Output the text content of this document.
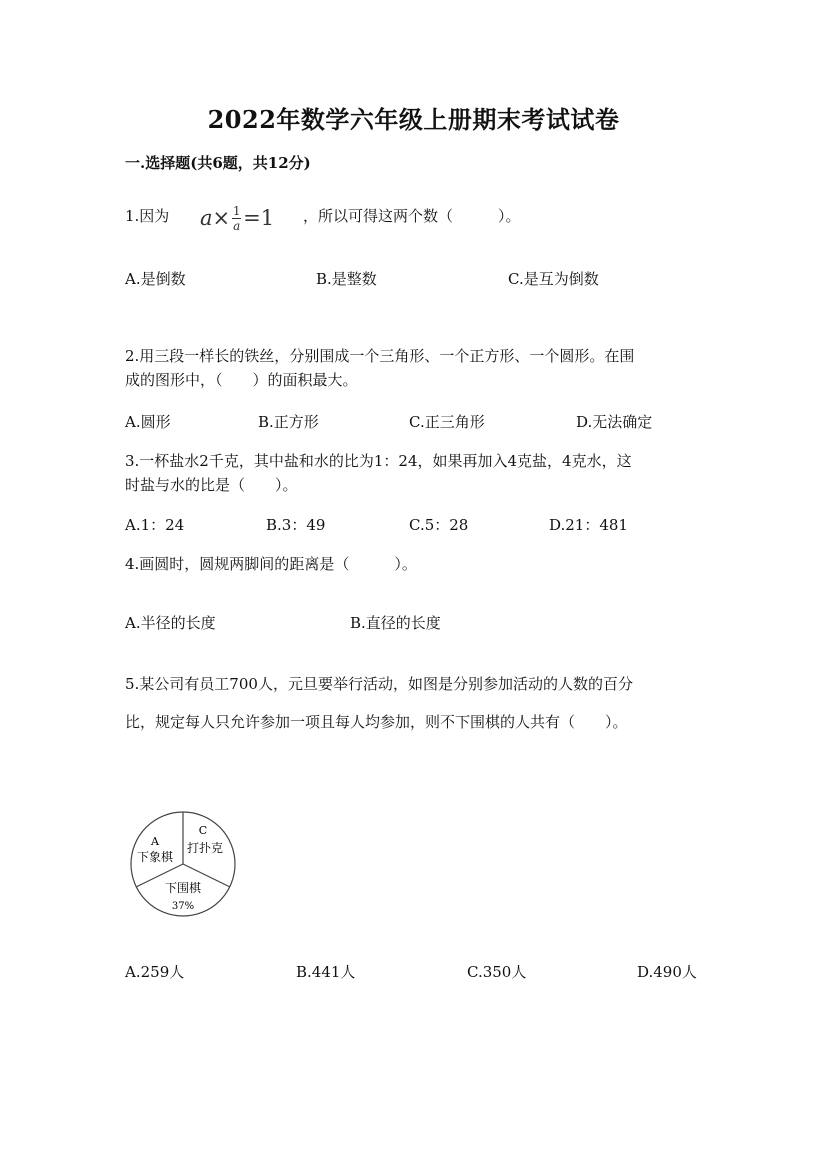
2022年数学六年级上册期末考试试卷
一.选择题(共6题，共12分)
1.因为 $a \times \frac{1}{a} =1$ ，所以可得这两个数（　　　）。
A.是倒数	B.是整数	C.是互为倒数
2.用三段一样长的铁丝，分别围成一个三角形、一个正方形、一个圆形。在围
成的图形中，（　　）的面积最大。
A.圆形	B.正方形	C.正三角形	D.无法确定
3.一杯盐水2千克，其中盐和水的比为1：24，如果再加入4克盐，4克水，这
时盐与水的比是（　　）。
A.1：24	B.3：49	C.5：28	D.21：481
4.画圆时，圆规两脚间的距离是（　　　）。
A.半径的长度	B.直径的长度
5.某公司有员工700人，元旦要举行活动，如图是分别参加活动的人数的百分
比，规定每人只允许参加一项且每人均参加，则不下围棋的人共有（　　）。
A
下象棋
C
打扑克
下围棋
37%
A.259人	B.441人	C.350人	D.490人
